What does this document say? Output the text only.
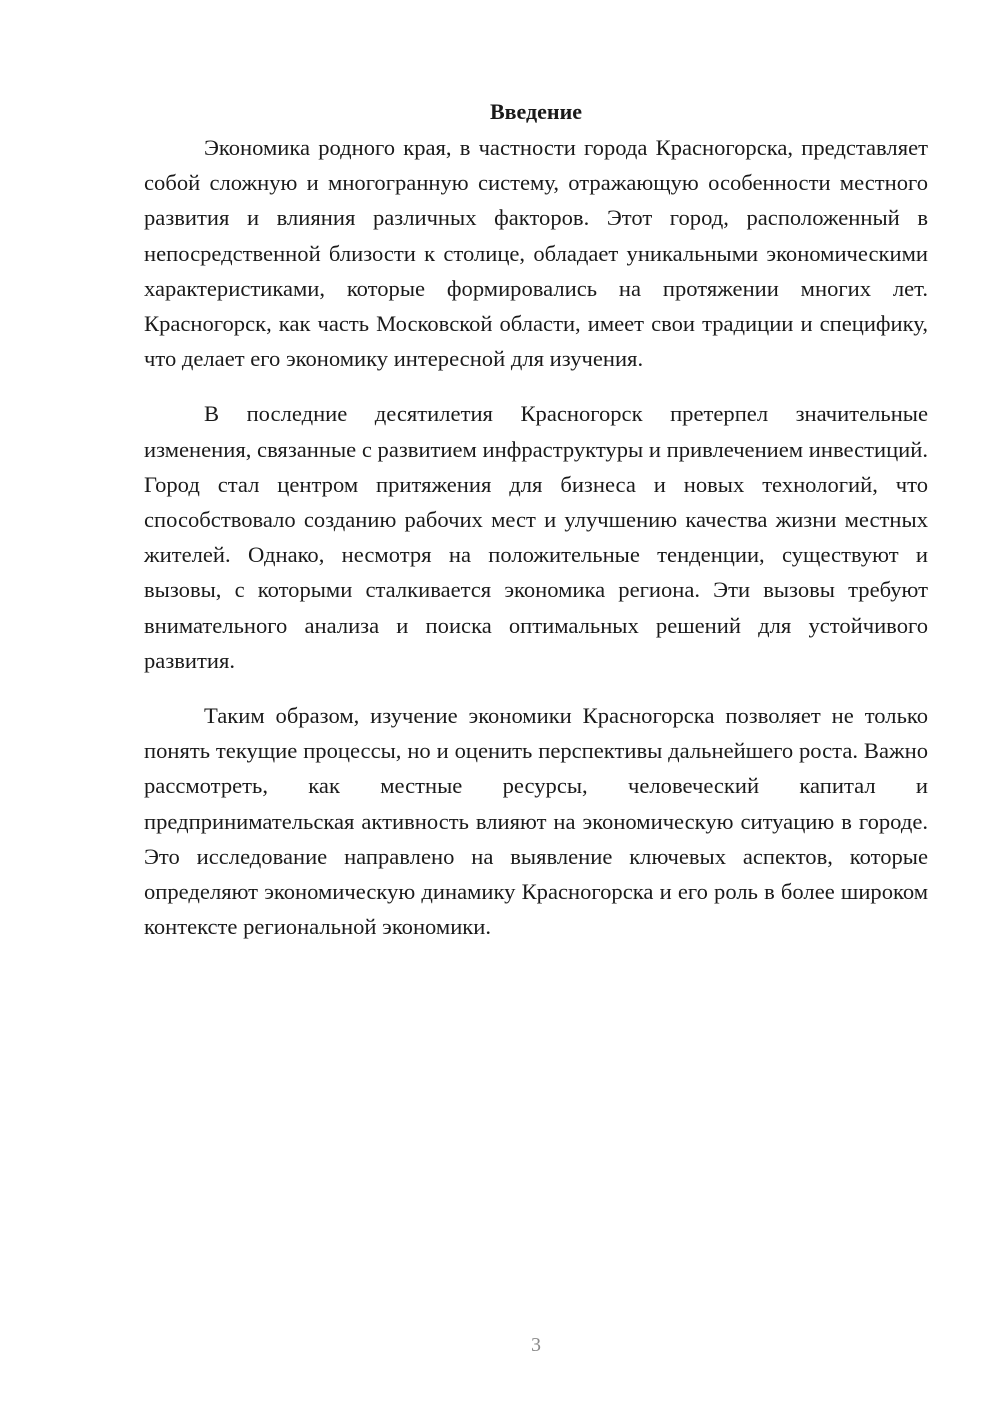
Введение

Экономика родного края, в частности города Красногорска, представляет собой сложную и многогранную систему, отражающую особенности местного развития и влияния различных факторов. Этот город, расположенный в непосредственной близости к столице, обладает уникальными экономическими характеристиками, которые формировались на протяжении многих лет. Красногорск, как часть Московской области, имеет свои традиции и специфику, что делает его экономику интересной для изучения.

В последние десятилетия Красногорск претерпел значительные изменения, связанные с развитием инфраструктуры и привлечением инвестиций. Город стал центром притяжения для бизнеса и новых технологий, что способствовало созданию рабочих мест и улучшению качества жизни местных жителей. Однако, несмотря на положительные тенденции, существуют и вызовы, с которыми сталкивается экономика региона. Эти вызовы требуют внимательного анализа и поиска оптимальных решений для устойчивого развития.

Таким образом, изучение экономики Красногорска позволяет не только понять текущие процессы, но и оценить перспективы дальнейшего роста. Важно рассмотреть, как местные ресурсы, человеческий капитал и предпринимательская активность влияют на экономическую ситуацию в городе. Это исследование направлено на выявление ключевых аспектов, которые определяют экономическую динамику Красногорска и его роль в более широком контексте региональной экономики.

3
